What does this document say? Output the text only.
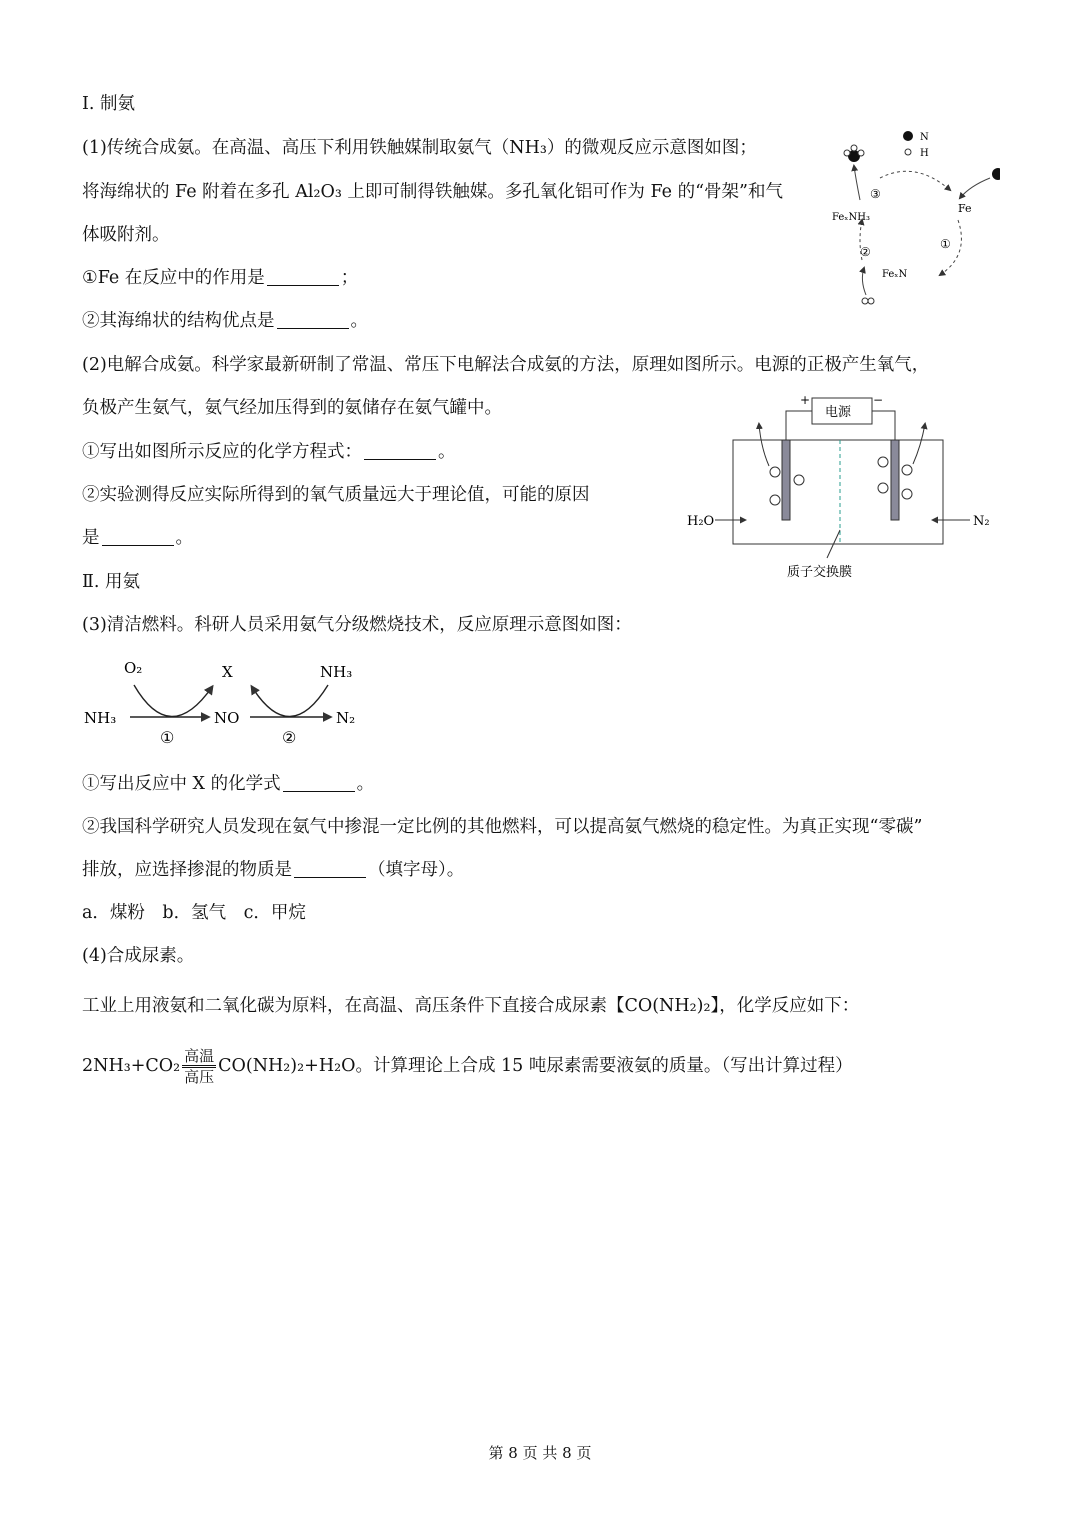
Ⅰ. 制氨
(1)传统合成氨。在高温、高压下利用铁触媒制取氨气（NH₃）的微观反应示意图如图；
将海绵状的 Fe 附着在多孔 Al₂O₃ 上即可制得铁触媒。多孔氧化铝可作为 Fe 的“骨架”和气
体吸附剂。
①Fe 在反应中的作用是	；
②其海绵状的结构优点是	。
N
H
Fe
FeₓNH₃
FeₓN
③
②
①
(2)电解合成氨。科学家最新研制了常温、常压下电解法合成氨的方法，原理如图所示。电源的正极产生氧气，
负极产生氨气，氨气经加压得到的氨储存在氨气罐中。
①写出如图所示反应的化学方程式：	。
②实验测得反应实际所得到的氧气质量远大于理论值，可能的原因
是	。
电源
+	−
H₂O	N₂
质子交换膜
Ⅱ. 用氨
(3)清洁燃料。科研人员采用氨气分级燃烧技术，反应原理示意图如图：
NH₃
O₂	X
NO
NH₃
N₂
①	②
①写出反应中 X 的化学式	。
②我国科学研究人员发现在氨气中掺混一定比例的其他燃料，可以提高氨气燃烧的稳定性。为真正实现“零碳”
排放，应选择掺混的物质是	（填字母）。
a．煤粉　b．氢气　c．甲烷
(4)合成尿素。
工业上用液氨和二氧化碳为原料，在高温、高压条件下直接合成尿素【CO(NH₂)₂】，化学反应如下：
$2NH_3+CO_2 \frac{\text{高温}}{\text{高压}} CO(NH_2)_2+H_2O$。计算理论上合成 15 吨尿素需要液氨的质量。（写出计算过程）
第 8 页 共 8 页
